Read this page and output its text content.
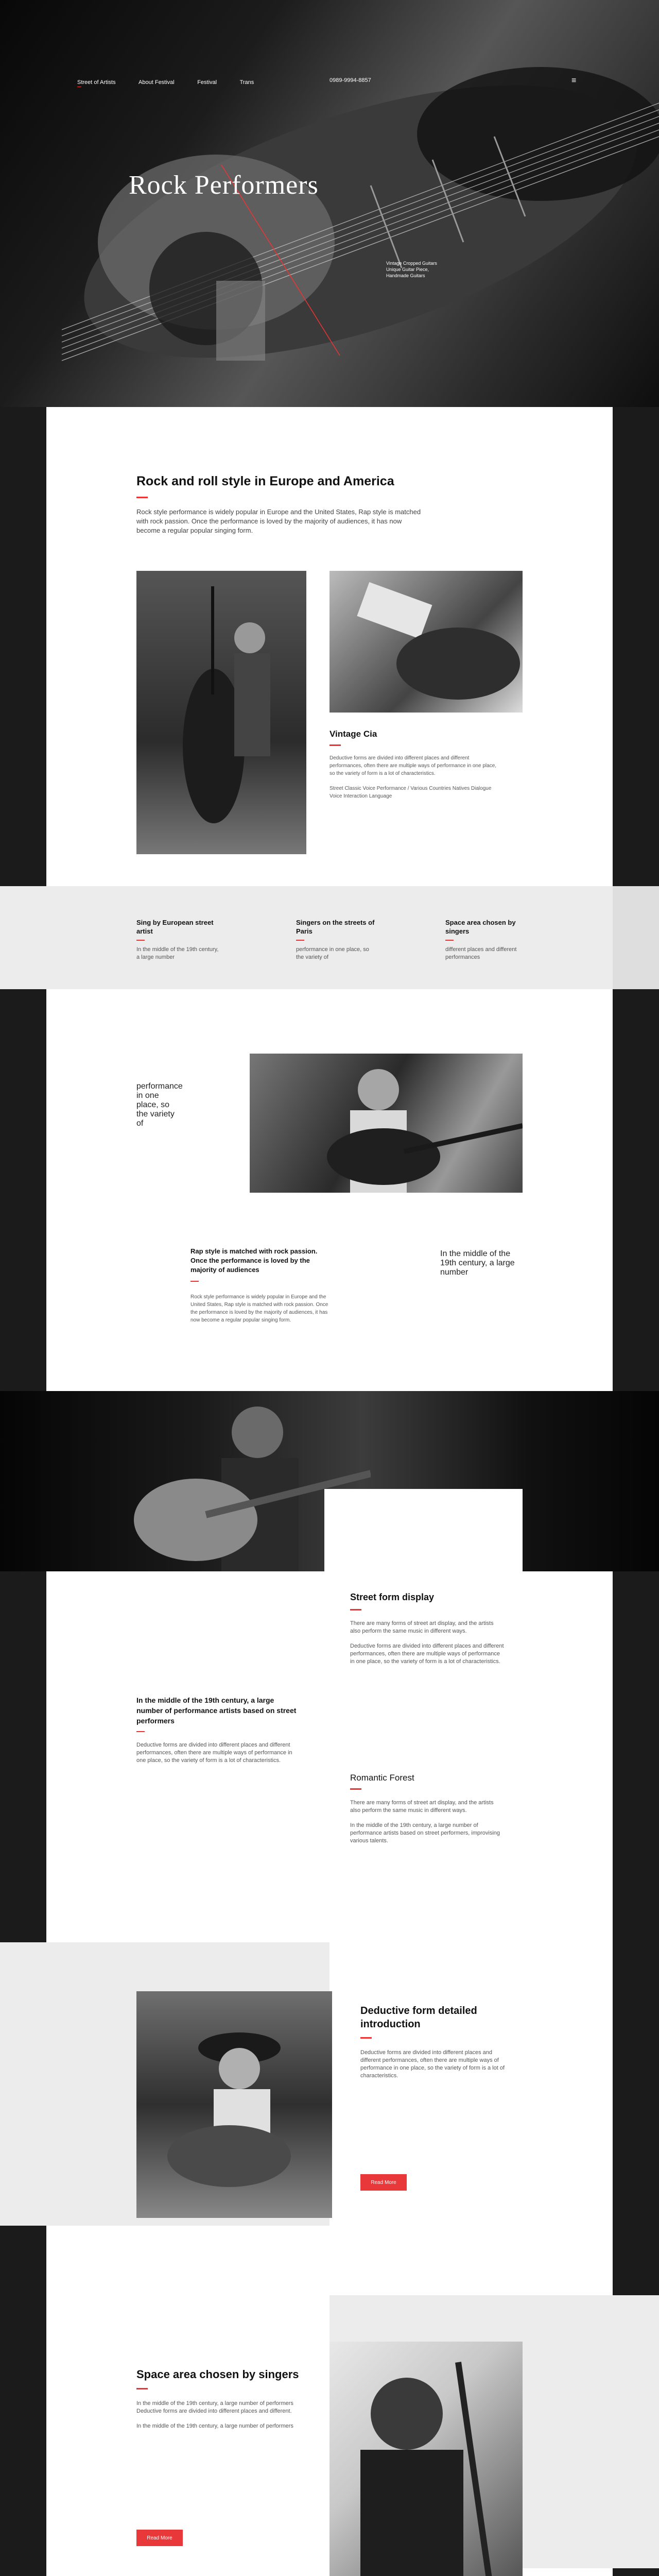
Street of Artists	About Festival	Festival	Trans	0989-9994-8857	≡
Rock Performers
Vintage Cropped Guitars Unique Guitar Piece, Handmade Guitars
Rock and roll style in Europe and America

Rock style performance is widely popular in Europe and the United States, Rap style is matched with rock passion. Once the performance is loved by the majority of audiences, it has now become a regular popular singing form.

Vintage Cia

Deductive forms are divided into different places and different performances, often there are multiple ways of performance in one place, so the variety of form is a lot of characteristics.

Street Classic Voice Performance / Various Countries Natives Dialogue Voice Interaction Language

Sing by European street artist

In the middle of the 19th century, a large number

Singers on the streets of Paris

performance in one place, so the variety of

Space area chosen by singers

different places and different performances

performance in one place, so the variety of
Rap style is matched with rock passion. Once the performance is loved by the majority of audiences

Rock style performance is widely popular in Europe and the United States, Rap style is matched with rock passion. Once the performance is loved by the majority of audiences, it has now become a regular popular singing form.

In the middle of the 19th century, a large number
Street form display

There are many forms of street art display, and the artists also perform the same music in different ways.

Deductive forms are divided into different places and different performances, often there are multiple ways of performance in one place, so the variety of form is a lot of characteristics.

In the middle of the 19th century, a large number of performance artists based on street performers

Deductive forms are divided into different places and different performances, often there are multiple ways of performance in one place, so the variety of form is a lot of characteristics.

Romantic Forest

There are many forms of street art display, and the artists also perform the same music in different ways.

In the middle of the 19th century, a large number of performance artists based on street performers, improvising various talents.

Deductive form detailed introduction

Deductive forms are divided into different places and different performances, often there are multiple ways of performance in one place, so the variety of form is a lot of characteristics.

Read More
Space area chosen by singers

In the middle of the 19th century, a large number of performers Deductive forms are divided into different places and different.

In the middle of the 19th century, a large number of performers

Read More
